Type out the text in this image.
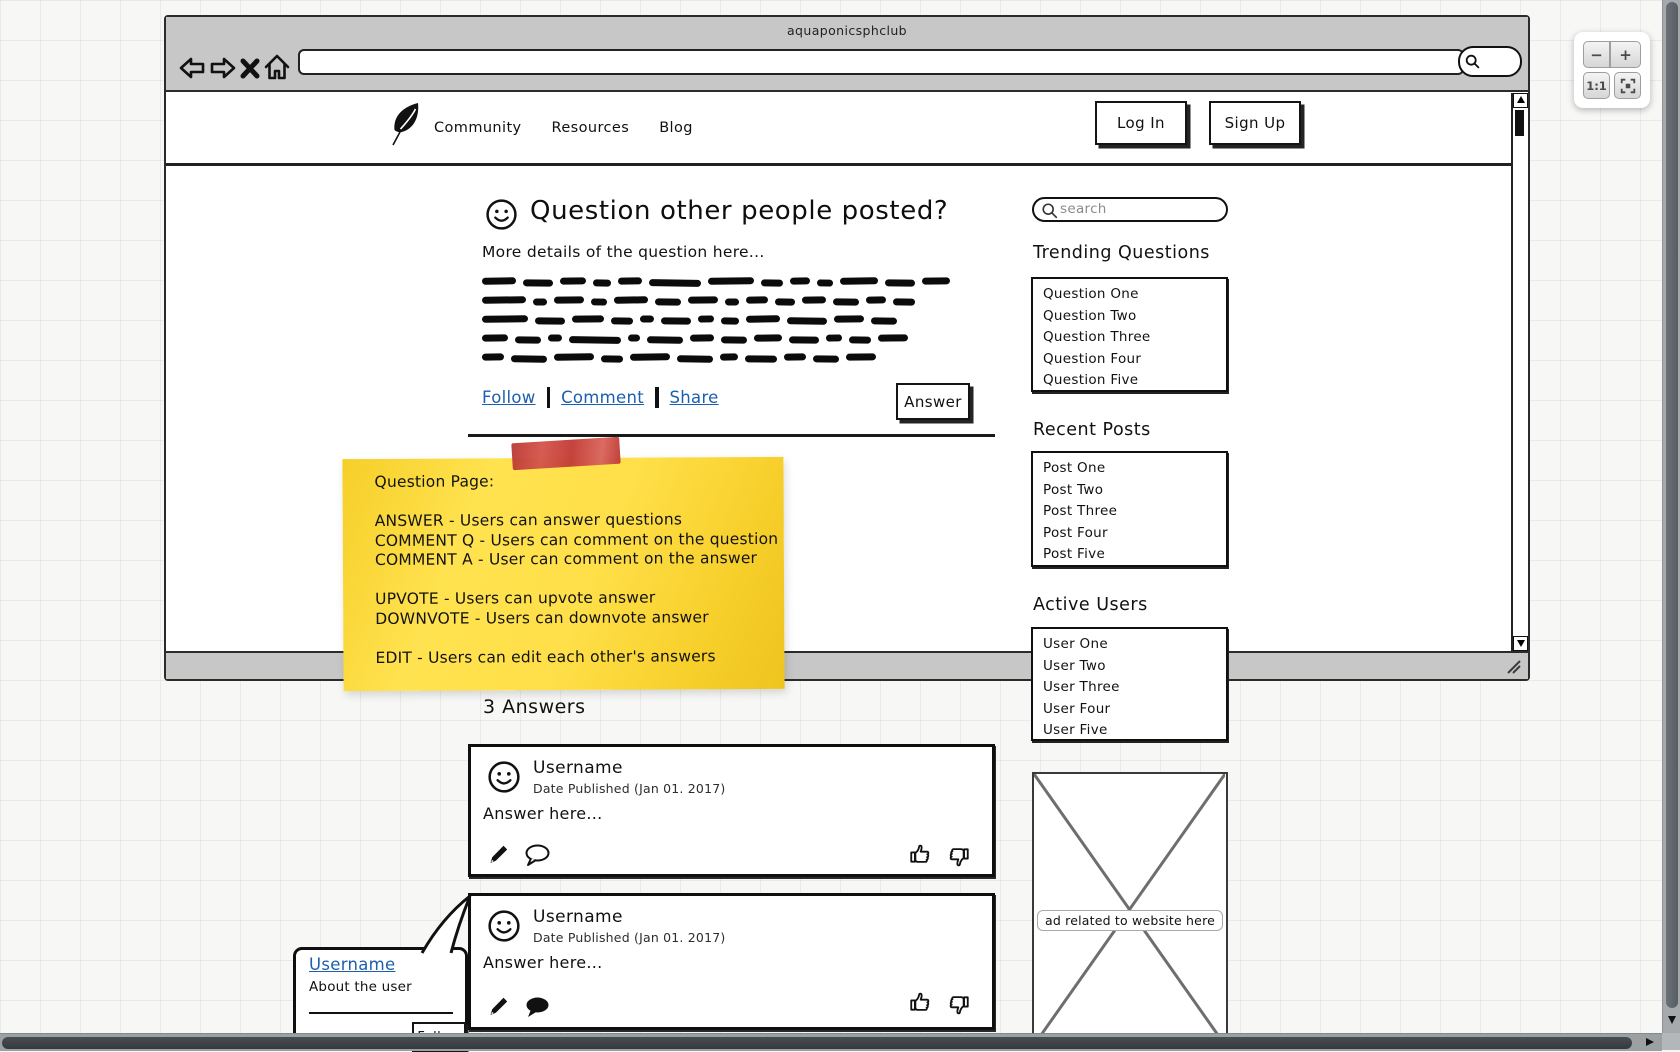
aquaponicsphclub
Community Resources Blog	Log In	Sign Up
Question other people posted?
More details of the question here...
Follow Comment Share	Answer
Question Page:
ANSWER - Users can answer questions
COMMENT Q - Users can comment on the question
COMMENT A - User can comment on the answer
UPVOTE - Users can upvote answer
DOWNVOTE - Users can downvote answer
EDIT - Users can edit each other's answers
3 Answers
Username
Date Published (Jan 01. 2017)
Answer here...
Username
Date Published (Jan 01. 2017)
Answer here...
Username
About the user
search
Trending Questions
Question One
Question Two
Question Three
Question Four
Question Five
Recent Posts
Post One
Post Two
Post Three
Post Four
Post Five
Active Users
User One
User Two
User Three
User Four
User Five
ad related to website here
−	+
1:1
